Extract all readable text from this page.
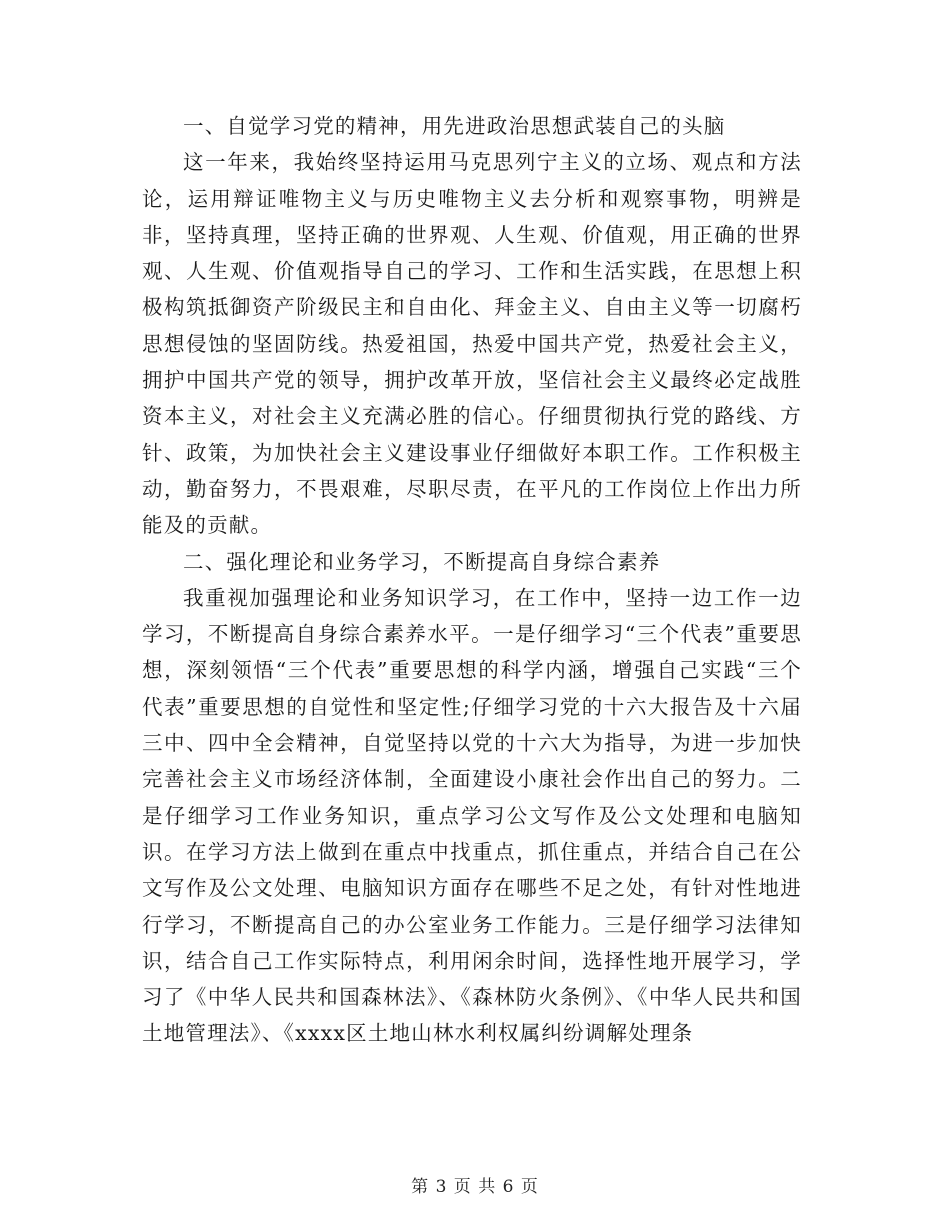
一、自觉学习党的精神，用先进政治思想武装自己的头脑

这一年来，我始终坚持运用马克思列宁主义的立场、观点和方法论，运用辩证唯物主义与历史唯物主义去分析和观察事物，明辨是非，坚持真理，坚持正确的世界观、人生观、价值观，用正确的世界观、人生观、价值观指导自己的学习、工作和生活实践，在思想上积极构筑抵御资产阶级民主和自由化、拜金主义、自由主义等一切腐朽思想侵蚀的坚固防线。热爱祖国，热爱中国共产党，热爱社会主义，拥护中国共产党的领导，拥护改革开放，坚信社会主义最终必定战胜资本主义，对社会主义充满必胜的信心。仔细贯彻执行党的路线、方针、政策，为加快社会主义建设事业仔细做好本职工作。工作积极主动，勤奋努力，不畏艰难，尽职尽责，在平凡的工作岗位上作出力所能及的贡献。

二、强化理论和业务学习，不断提高自身综合素养

我重视加强理论和业务知识学习，在工作中，坚持一边工作一边学习，不断提高自身综合素养水平。一是仔细学习“三个代表”重要思想，深刻领悟“三个代表”重要思想的科学内涵，增强自己实践“三个代表”重要思想的自觉性和坚定性;仔细学习党的十六大报告及十六届三中、四中全会精神，自觉坚持以党的十六大为指导，为进一步加快完善社会主义市场经济体制，全面建设小康社会作出自己的努力。二是仔细学习工作业务知识，重点学习公文写作及公文处理和电脑知识。在学习方法上做到在重点中找重点，抓住重点，并结合自己在公文写作及公文处理、电脑知识方面存在哪些不足之处，有针对性地进行学习，不断提高自己的办公室业务工作能力。三是仔细学习法律知识，结合自己工作实际特点，利用闲余时间，选择性地开展学习，学习了《中华人民共和国森林法》、《森林防火条例》、《中华人民共和国土地管理法》、《xxxx区土地山林水利权属纠纷调解处理条

第 3 页 共 6 页
